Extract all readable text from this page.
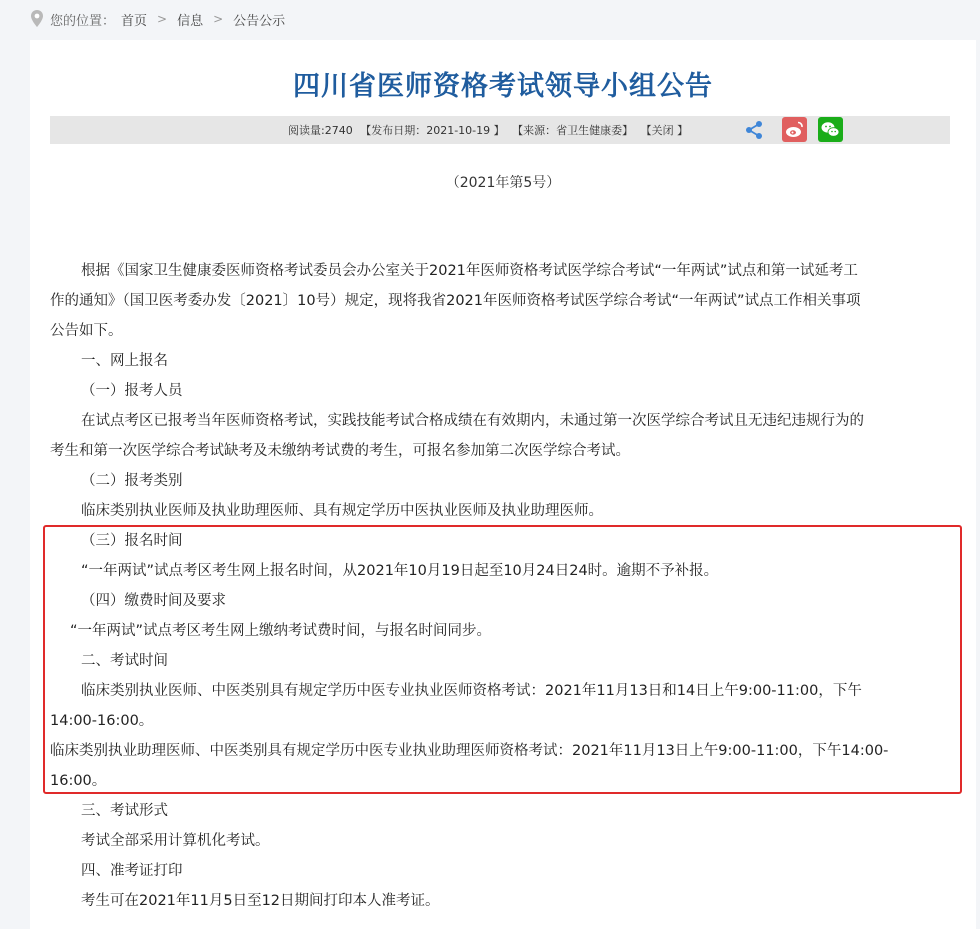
您的位置： 首页 > 信息 > 公告公示
四川省医师资格考试领导小组公告
阅读量:2740 【发布日期：2021-10-19 】 【来源：省卫生健康委】 【关闭 】
（2021年第5号）
根据《国家卫生健康委医师资格考试委员会办公室关于2021年医师资格考试医学综合考试“一年两试”试点和第一试延考工
作的通知》（国卫医考委办发〔2021〕10号）规定，现将我省2021年医师资格考试医学综合考试“一年两试”试点工作相关事项
公告如下。
一、网上报名
（一）报考人员
在试点考区已报考当年医师资格考试，实践技能考试合格成绩在有效期内，未通过第一次医学综合考试且无违纪违规行为的
考生和第一次医学综合考试缺考及未缴纳考试费的考生，可报名参加第二次医学综合考试。
（二）报考类别
临床类别执业医师及执业助理医师、具有规定学历中医执业医师及执业助理医师。
（三）报名时间
“一年两试”试点考区考生网上报名时间，从2021年10月19日起至10月24日24时。逾期不予补报。
（四）缴费时间及要求
“一年两试”试点考区考生网上缴纳考试费时间，与报名时间同步。
二、考试时间
临床类别执业医师、中医类别具有规定学历中医专业执业医师资格考试：2021年11月13日和14日上午9:00-11:00，下午
14:00-16:00。
临床类别执业助理医师、中医类别具有规定学历中医专业执业助理医师资格考试：2021年11月13日上午9:00-11:00，下午14:00-
16:00。
三、考试形式
考试全部采用计算机化考试。
四、准考证打印
考生可在2021年11月5日至12日期间打印本人准考证。
